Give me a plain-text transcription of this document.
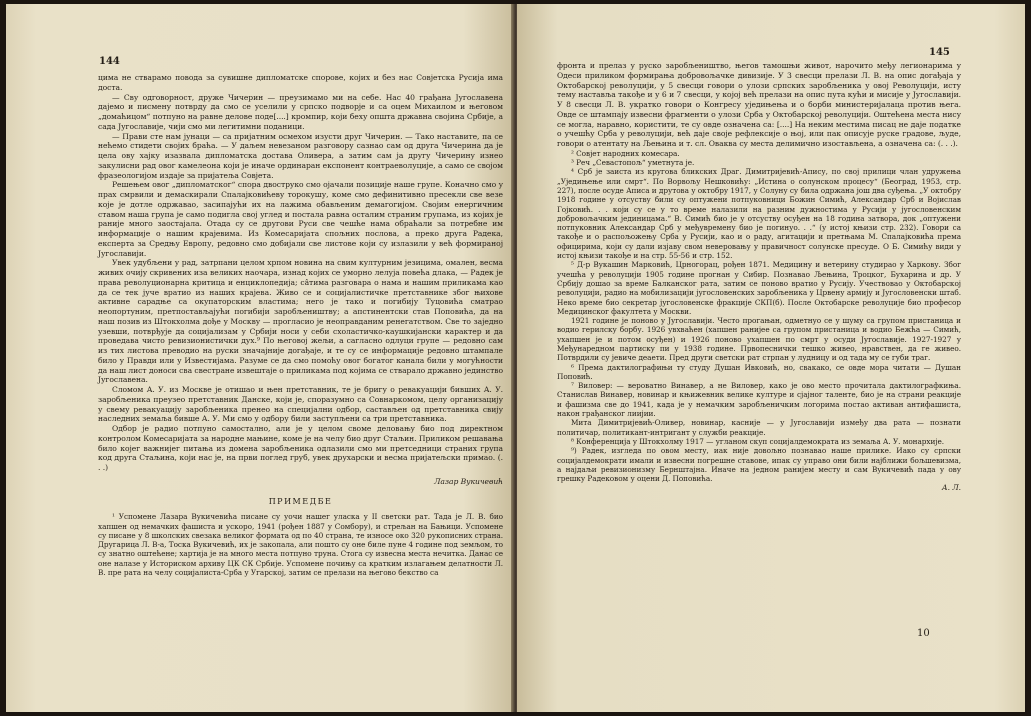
144

цима не стварамо повода за сувишне дипломатске спорове, којих и без нас Совјетска Русија има доста.

— Сву одговорност, друже Чичерин — преузимамо ми на себе. Нас 40 грађана Југославена дајемо и писмену потврду да смо се уселили у српско подворје и са оцем Михаилом и његовом „домаћицом“ потпуно на равне делове поде[....] кромпир, који беху општа државна својина Србије, а сада Југославије, чији смо ми легитимни поданици.

— Прави сте нам јунаци — са пријатним осмехом изусти друг Чичерин. — Тако наставите, па се нећемо стидети својих браћа. — У даљем невезаном разговору сазнао сам од друга Чичерина да је цела ову хајку изазвала дипломатска доставa Оливера, а затим сам ја другу Чичерину изнео закулисни рад овог камелеона који је иначе ординаран експонент контраеволуције, а само се својом фразеологијом издаје за пријатеља Совјета.

Решењем овог „дипломатског“ спора двоструко смо ојачали позиције наше групе. Коначно смо у прах смрвили и демаскирали Спалајковићеву торокушу, коме смо дефинитивно пресекли све везе које је дотле одржавао, засипајући их на лажима обављеним демагогијом. Својим енергичним ставом наша група је само подигла свој углед и постала равна осталим страним групама, из којих је раније много заостајала. Отада су се другови Руси све чешће нама обраћали за потребне им информације о нашим крајевима. Из Комесаријата спољних послова, а преко друга Радека, експерта за Средњу Европу, редовно смо добијали све листове који су излазили у већ формираној Југославији.

Увек удубљени у рад, затрпани целом хрпом новина на свим културним језицима, омален, весма живих очију скривених иза великих наочара, изнад којих се уморно лелуја повећа длака, — Радек је права револуционарна критица и енциклопедија; са̂тима разговара о нама и нашим приликама као да се тек јуче вратио из наших крајева. Живо се и социјалистичке претставнике због њихове активне сарадње са окупаторским властима; него је тако и погибију Туцовића сматрао неопортуним, претпостављајући погибији заробљеништву; а апстинентски став Поповића, да на наш позив из Штокхолма дође у Москву — проглaсио је неоправданим ренегатством. Све то заједно узевши, потврђује да социјализам у Србији носи у себи схоластичко-каушкијански карактер и да проведава чисто ревизионистички дух.⁹ По његовој жељи, а сагласно одлуци групе — редовно сам из тих листова преводио на руски значајније догађаје, и те су се информације редовно штампале било у Правди или у Известијама. Разуме се да смо помоћу овог богатог канала били у могућности да наш лист доноси сва свестране извештаје о приликама под којима се стварало државно јединство Југославена.

Сломом А. У. из Москве је отишао и њен претставник, те је бригу о ревакуацији бивших А. У. заробљеника преузео претставник Данске, који је, споразумно са Совнаркомом, целу организацију у свему ревакуацију заробљеника пренео на специјални одбор, састављен од претставника свију наследних земаља бивше А. У. Ми смо у одбору били заступљени са три претставника.

Одбор је радио потпуно самостално, али је у целом своме деловању био под директном контролом Комесаријата за народне мањине, коме је на челу био друг Стаљин. Приликом решавања било којег важнијег питања из домена заробљеника одлазили смо ми претседници страних група код друга Стаљина, који нас је, на први поглед груб, увек друхарски и весма пријатељски примао. (. . .)

Лазар Вукичевић

ПРИМЕДБЕ

¹ Успомене Лазара Вукичевића писане су уочи нашег уласка у II светски рат. Тада је Л. В. био хапшен од немачких фашиста и ускоро, 1941 (рођен 1887 у Сомбору), и стрељан на Бањици. Успомене су писане у 8 школских свезака великог формата од по 40 страна, те износе око 320 рукописних страна. Другарица Л. В-а, Тоска Вукичевић, их је закопала, али пошто су оне биле пуне 4 године под земљом, то су знатно оштећене; хартија је на много места потпуно труна. Стога су извесна места нечитка. Данас се оне налазе у Историском архиву ЦК СК Србије. Успомене почињу са кратким излагањем делатности Л. В. пре рата на челу социјалиста-Срба у Угарској, затим се прелази на његово бекство са

145

фронта и прелаз у руско заробљеништво, његов тамошњи живот, нарочито међу легионарима у Одеси приликом формирања добровољачке дивизије. У 3 свесци прелази Л. В. на опис догађаја у Октобарској револуцији, у 5 свесци говори о улози српских заробљеника у овој Револуцији, исту тему наставља такође и у 6 и 7 свесци, у којој већ прелази на опис пута кући и мисије у Југославији. У 8 свесци Л. В. укратко говори о Конгресу уједињења и о борби министеријалаца против њега. Овде се штампају извесни фрагменти о улози Срба у Октобарској револуцији. Оштећена места нису се могла, наравно, користити, те су овде означена са: [....] На неким местима писац не даје податке о учешћу Срба у револуцији, већ даје своје рефлексије о њој, или пак описује руске градове, људе, говори о атентату на Љењина и т. сл. Оваква су места делимично изостављена, а означена са: (. . .).

² Совјет народних комесара.

³ Реч „Севастопољ“ уметнута је.

⁴ Срб је заиста из кругова бликских Драг. Димитријевић-Апису, по свој прилици члан удружења „Уједињење или смрт“. По Ворвољу Нешковићу: „Истина о солунском процесу“ (Београд, 1953, стр. 227), после осуде Аписа и друтова у октобру 1917, у Солуну су била одржана још два суђења. „У октобру 1918 године у отсуству били су оптужени потпуковници Божин Симић, Александар Срб и Војислав Гојковић. . . који су се у то време налазили на разним дужностима у Русији у југословенским добровољачким јединицама.“ В. Симић био је у отсуству осуђен на 18 година затвора, док „оптужени потпуковник Александар Срб у међувремену био је погинуо. . .“ (у истој књизи стр. 232). Говори са такође и о распољожењу Срба у Русији, као и о раду, агитацији и претњама М. Спалајковића према официрима, који су дали изјаву свом неверовању у правичност солунске пресуде. О Б. Симићу види у истој књизи такође и на стр. 55-56 и стр. 152.

⁵ Д-р Вукашин Марковић, Црногорац, рођен 1871. Медицину и ветерину студирао у Харкову. Због учешћа у револуцији 1905 године прогнан у Сибир. Познавао Љењина, Троцког, Бухарина и др. У Србију дошао за време Балканског рата, затим се поново вратио у Русију. Учествовао у Октобарској револуцији, радио на мобилизацији југословенских заробљеника у Црвену армију и Југословенски штаб. Неко време био секретар југословенске фракције СКП(б). После Октобарске револуције био професор Медицинског факултета у Москви.

1921 године је поново у Југославији. Често прогањан, одметнуо се у шуму са групом пристаница и водио герилску борбу. 1926 увхваћен (хапшен ранијее са групом пристаница и водио Бежћа — Симић, ухапшен је и потом осуђен) и 1926 поново ухапшен по смрт у осуди Југославије. 1927-1927 у Међунаредном партиску пи у 1938 године. Првопеснички тешко живео, нравствен, да ге живео. Потврдили су јевиче деаети. Пред други светски рат стрпан у лудницу и од тада му се губи траг.

⁶ Према дактилографињи ту студу Душан Ивковић, но, свакако, се овде мора читати — Душан Поповић.

⁷ Виловер: — вероватно Винавер, а не Виловер, како је ово место прочитала дактилографкиња. Станислав Винавер, новинар и књижевник велике културе и сјајног таленте, био је на страни реакције и фашизма све до 1941, када је у немачким заробљеничким логорима постао активан антифашиста, након грађанског лиијии.

Мита Димитријевић-Оливер, новинар, касније — у Југославији између два рата — познати политичар, политикант-интригант у служби реакције.

⁸ Конференција у Штокхолму 1917 — угланом скуп социјалдемократа из земаља А. У. монархије.

⁹) Радек, изгледа по овом месту, иак није довољно познавао наше прилике. Иако су српски социјалдемократи имали и извесни погрешне ставове, ипак су управо они били најближи бољшевизма, а најдаљи ревизионизму Бернштајна. Иначе на једном ранијем месту и сам Вукичевић пада у ову грешку Радековом у оцени Д. Поповића.

А. Л.

10
